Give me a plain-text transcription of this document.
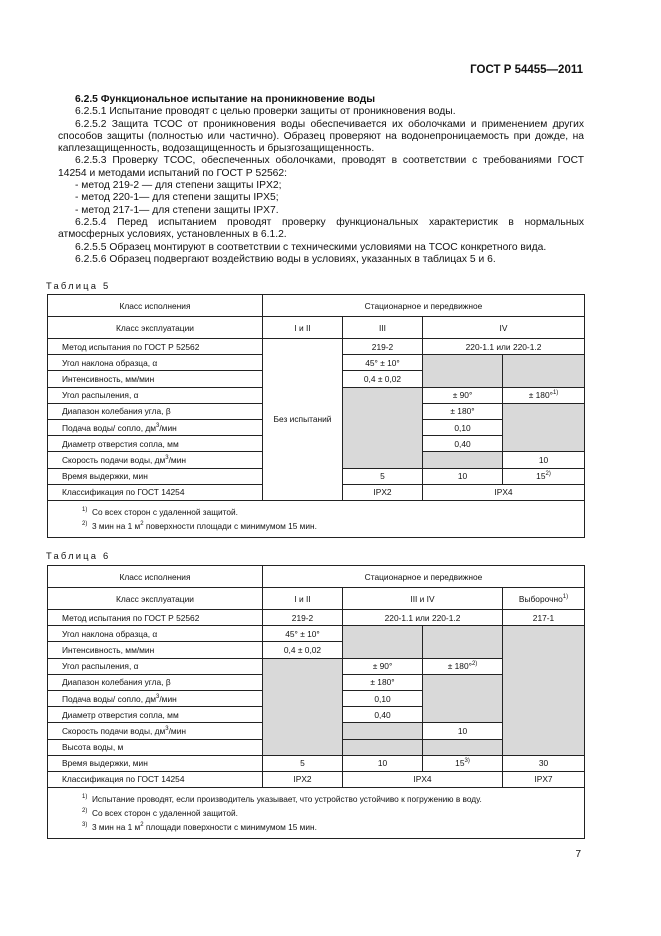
ГОСТ Р 54455—2011

6.2.5 Функциональное испытание на проникновение воды

6.2.5.1 Испытание проводят с целью проверки защиты от проникновения воды.

6.2.5.2 Защита ТСОС от проникновения воды обеспечивается их оболочками и применением других способов защиты (полностью или частично). Образец проверяют на водонепроницаемость при дожде, на каплезащищенность, водозащищенность и брызгозащищенность.

6.2.5.3 Проверку ТСОС, обеспеченных оболочками, проводят в соответствии с требованиями ГОСТ 14254 и методами испытаний по ГОСТ Р 52562:

- метод 219-2 — для степени защиты IPX2;

- метод 220-1— для степени защиты IPX5;

- метод 217-1— для степени защиты IPX7.

6.2.5.4 Перед испытанием проводят проверку функциональных характеристик в нормальных атмосферных условиях, установленных в 6.1.2.

6.2.5.5 Образец монтируют в соответствии с техническими условиями на ТСОС конкретного вида.

6.2.5.6 Образец подвергают воздействию воды в условиях, указанных в таблицах 5 и 6.

Таблица 5
Класс исполнения	Стационарное и передвижное			
Класс эксплуатации	I и II	III	IV	
Метод испытания по ГОСТ Р 52562	Без испытаний	219-2	220-1.1 или 220-1.2	
Угол наклона образца, α		45° ± 10°		
Интенсивность, мм/мин		0,4 ± 0,02		
Угол распыления, α			± 90°	± 180°$^{1)}$
Диапазон колебания угла, β			± 180°	
Подача воды/ сопло, $дм^3$/мин			0,10	
Диаметр отверстия сопла, мм			0,40	
Скорость подачи воды, $дм^3$/мин				10
Время выдержки, мин		5	10	15$^{2)}$
Классификация по ГОСТ 14254		IPX2	IPX4	

$^{1)}$ Со всех сторон с удаленной защитой.
$^{2)}$ 3 мин на 1 $м^2$ поверхности площади с минимумом 15 мин.				
Таблица 6
Класс исполнения	Стационарное и передвижное				
Класс эксплуатации	I и II	III и IV		Выборочно$^{1)}$
Метод испытания по ГОСТ Р 52562	219-2	220-1.1 или 220-1.2		217-1	
Угол наклона образца, α	45° ± 10°				
Интенсивность, мм/мин	0,4 ± 0,02				
Угол распыления, α		± 90°	± 180°$^{2)}$
Диапазон колебания угла, β		± 180°			
Подача воды/ сопло, $дм^3$/мин		0,10			
Диаметр отверстия сопла, мм		0,40			
Скорость подачи воды, $дм^3$/мин			10		
Высота воды, м			
Время выдержки, мин	5	10	15$^{3)}$	30	
Классификация по ГОСТ 14254	IPX2	IPX4		IPX7	

$^{1)}$ Испытание проводят, если производитель указывает, что устройство устойчиво к погружению в воду.
$^{2)}$ Со всех сторон с удаленной защитой.
$^{3)}$ 3 мин на 1 $м^2$ площади поверхности с минимумом 15 мин.					
7
